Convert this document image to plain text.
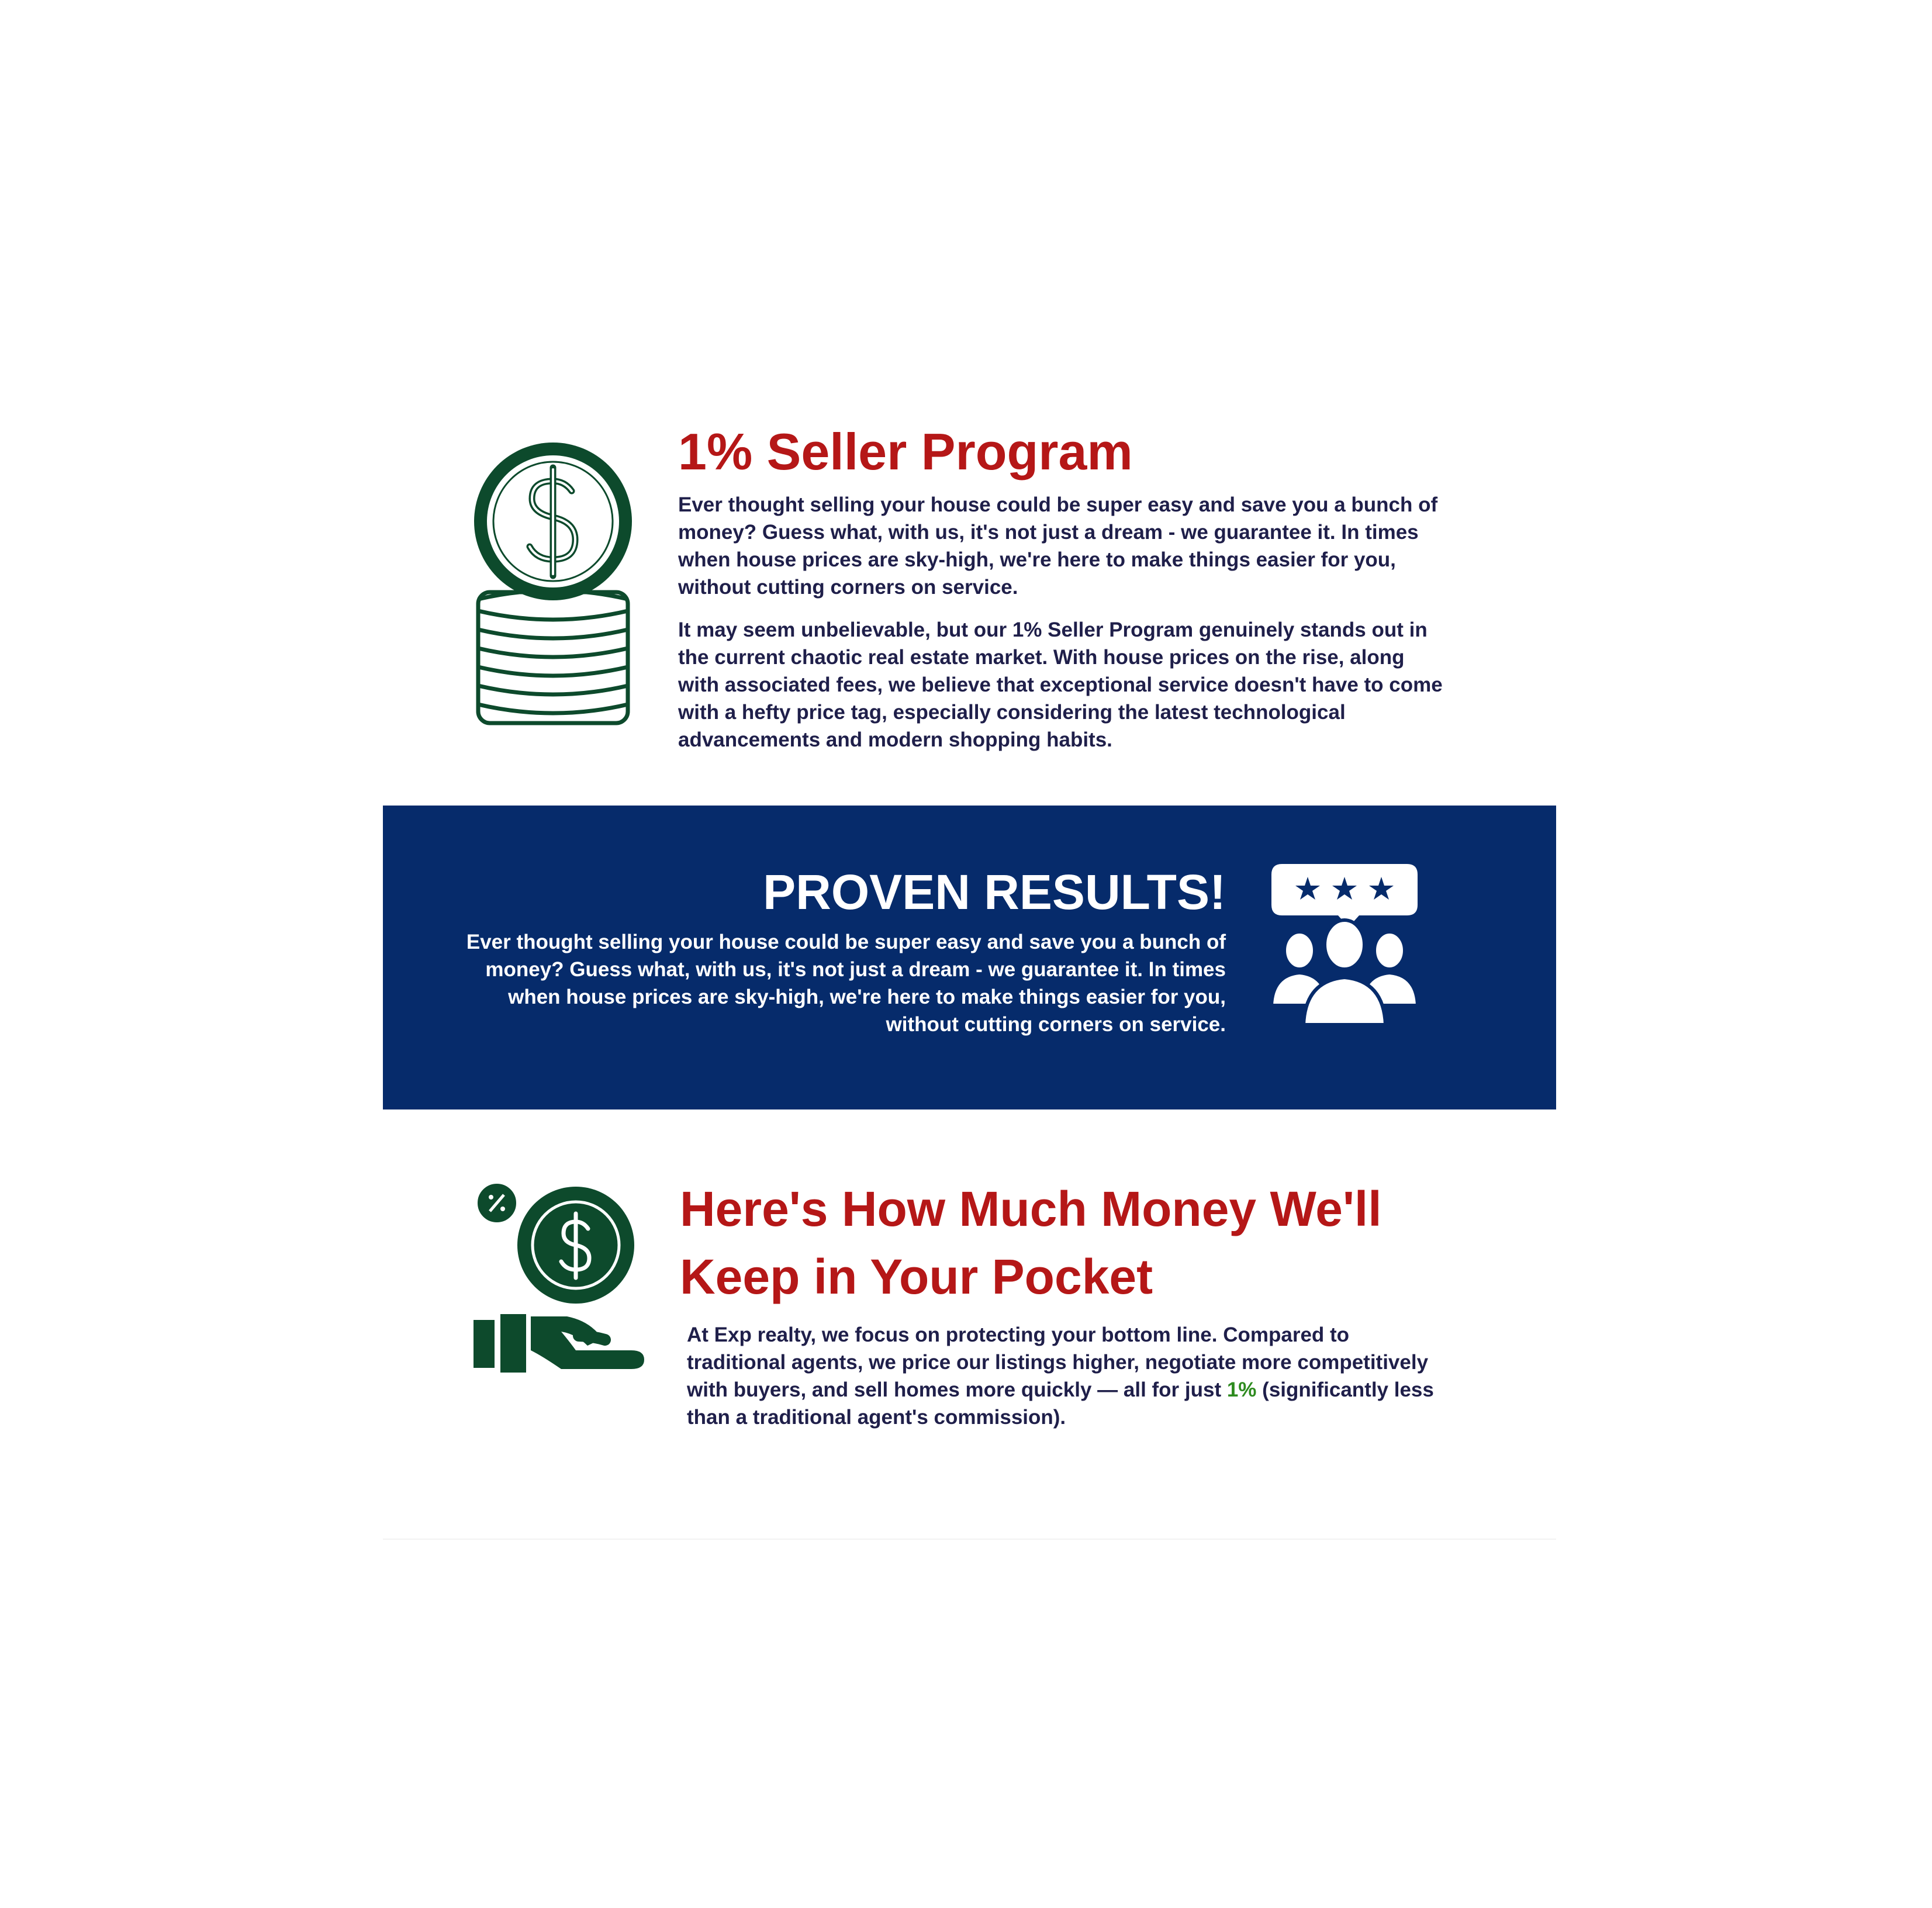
1% Seller Program

Ever thought selling your house could be super easy and save you a bunch of money? Guess what, with us, it's not just a dream - we guarantee it. In times when house prices are sky-high, we're here to make things easier for you, without cutting corners on service.

It may seem unbelievable, but our 1% Seller Program genuinely stands out in the current chaotic real estate market. With house prices on the rise, along with associated fees, we believe that exceptional service doesn't have to come with a hefty price tag, especially considering the latest technological advancements and modern shopping habits.

PROVEN RESULTS!

Ever thought selling your house could be super easy and save you a bunch of money? Guess what, with us, it's not just a dream - we guarantee it. In times when house prices are sky-high, we're here to make things easier for you, without cutting corners on service.

Here's How Much Money We'll Keep in Your Pocket

At Exp realty, we focus on protecting your bottom line. Compared to traditional agents, we price our listings higher, negotiate more competitively with buyers, and sell homes more quickly — all for just 1% (significantly less than a traditional agent's commission).
